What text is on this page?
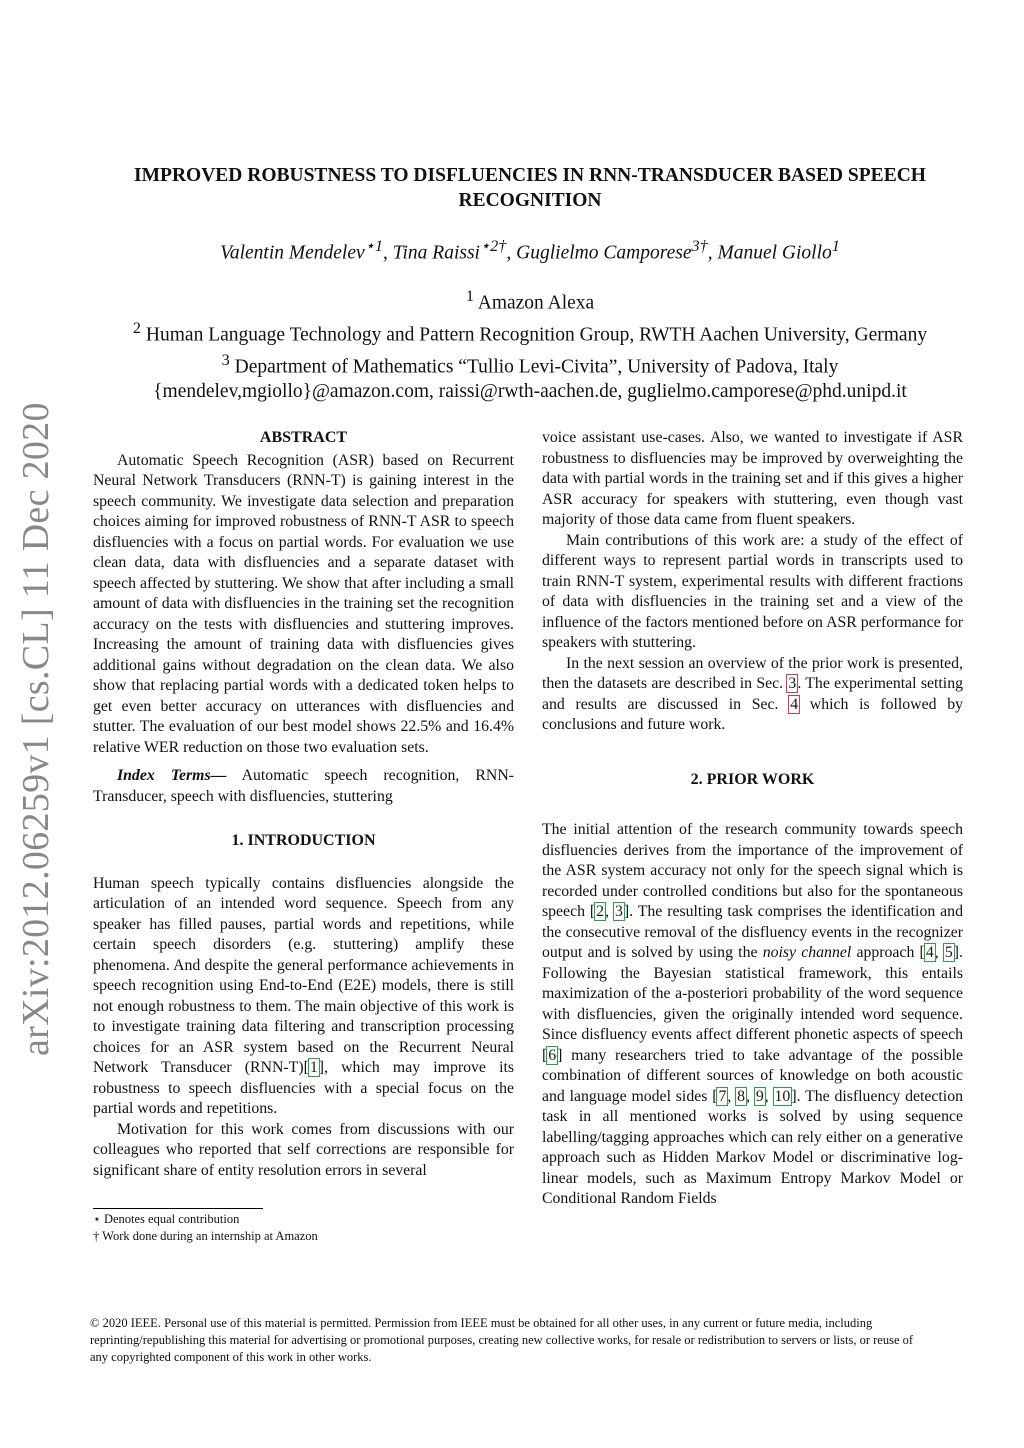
IMPROVED ROBUSTNESS TO DISFLUENCIES IN RNN-TRANSDUCER BASED SPEECH
RECOGNITION
Valentin Mendelev$^{⋆1}$, Tina Raissi$^{⋆2\dagger}$, Guglielmo Camporese$^{3\dagger}$, Manuel Giollo$^1$
$^1$ Amazon Alexa
$^2$ Human Language Technology and Pattern Recognition Group, RWTH Aachen University, Germany
$^3$ Department of Mathematics “Tullio Levi-Civita”, University of Padova, Italy
{mendelev,mgiollo}@amazon.com, raissi@rwth-aachen.de, guglielmo.camporese@phd.unipd.it
arXiv:2012.06259v1 [cs.CL] 11 Dec 2020	ABSTRACT

Automatic Speech Recognition (ASR) based on Recurrent Neural Network Transducers (RNN-T) is gaining interest in the speech community. We investigate data selection and preparation choices aiming for improved robustness of RNN-T ASR to speech disfluencies with a focus on partial words. For evaluation we use clean data, data with disfluencies and a separate dataset with speech affected by stuttering. We show that after including a small amount of data with disfluencies in the training set the recognition accuracy on the tests with disfluencies and stuttering improves. Increasing the amount of training data with disfluencies gives additional gains without degradation on the clean data. We also show that replacing partial words with a dedicated token helps to get even better accuracy on utterances with disfluencies and stutter. The evaluation of our best model shows 22.5% and 16.4% relative WER reduction on those two evaluation sets.

Index Terms— Automatic speech recognition, RNN-Transducer, speech with disfluencies, stuttering

1. INTRODUCTION

Human speech typically contains disfluencies alongside the articulation of an intended word sequence. Speech from any speaker has filled pauses, partial words and repetitions, while certain speech disorders (e.g. stuttering) amplify these phenomena. And despite the general performance achievements in speech recognition using End-to-End (E2E) models, there is still not enough robustness to them. The main objective of this work is to investigate training data filtering and transcription processing choices for an ASR system based on the Recurrent Neural Network Transducer (RNN-T)[1], which may improve its robustness to speech disfluencies with a special focus on the partial words and repetitions.

Motivation for this work comes from discussions with our colleagues who reported that self corrections are responsible for significant share of entity resolution errors in several

⋆ Denotes equal contribution
† Work done during an internship at Amazon

voice assistant use-cases. Also, we wanted to investigate if ASR robustness to disfluencies may be improved by overweighting the data with partial words in the training set and if this gives a higher ASR accuracy for speakers with stuttering, even though vast majority of those data came from fluent speakers.

Main contributions of this work are: a study of the effect of different ways to represent partial words in transcripts used to train RNN-T system, experimental results with different fractions of data with disfluencies in the training set and a view of the influence of the factors mentioned before on ASR performance for speakers with stuttering.

In the next session an overview of the prior work is presented, then the datasets are described in Sec. 3. The experimental setting and results are discussed in Sec. 4 which is followed by conclusions and future work.

2. PRIOR WORK

The initial attention of the research community towards speech disfluencies derives from the importance of the improvement of the ASR system accuracy not only for the speech signal which is recorded under controlled conditions but also for the spontaneous speech [2, 3]. The resulting task comprises the identification and the consecutive removal of the disfluency events in the recognizer output and is solved by using the noisy channel approach [4, 5]. Following the Bayesian statistical framework, this entails maximization of the a-posteriori probability of the word sequence with disfluencies, given the originally intended word sequence. Since disfluency events affect different phonetic aspects of speech [6] many researchers tried to take advantage of the possible combination of different sources of knowledge on both acoustic and language model sides [7, 8, 9, 10]. The disfluency detection task in all mentioned works is solved by using sequence labelling/tagging approaches which can rely either on a generative approach such as Hidden Markov Model or discriminative log-linear models, such as Maximum Entropy Markov Model or Conditional Random Fields

© 2020 IEEE. Personal use of this material is permitted. Permission from IEEE must be obtained for all other uses, in any current or future media, including reprinting/republishing this material for advertising or promotional purposes, creating new collective works, for resale or redistribution to servers or lists, or reuse of any copyrighted component of this work in other works.
